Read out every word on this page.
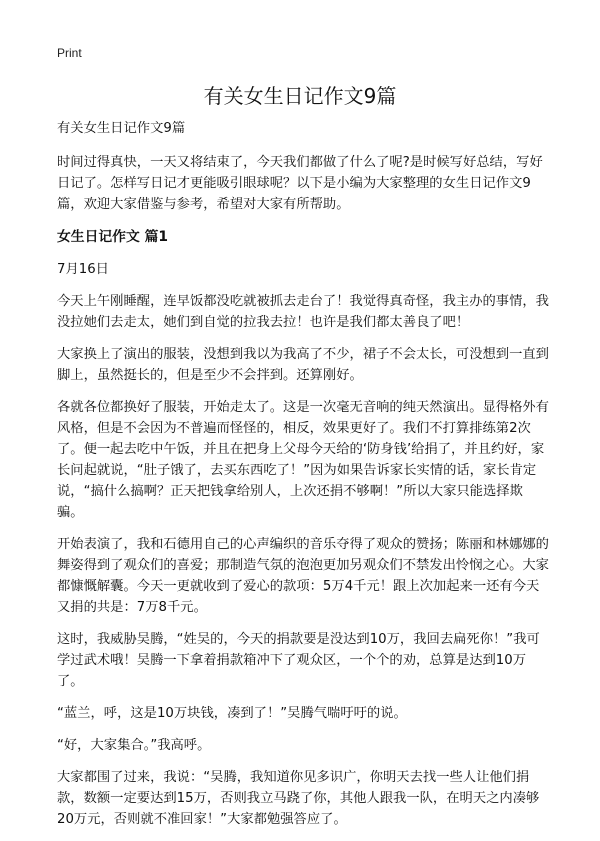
Print
有关女生日记作文9篇

有关女生日记作文9篇

时间过得真快，一天又将结束了，今天我们都做了什么了呢?是时候写好总结，写好日记了。怎样写日记才更能吸引眼球呢？以下是小编为大家整理的女生日记作文9篇，欢迎大家借鉴与参考，希望对大家有所帮助。

女生日记作文 篇1

7月16日

今天上午刚睡醒，连早饭都没吃就被抓去走台了！我觉得真奇怪，我主办的事情，我没拉她们去走太，她们到自觉的拉我去拉！也许是我们都太善良了吧！

大家换上了演出的服装，没想到我以为我高了不少，裙子不会太长，可没想到一直到脚上，虽然挺长的，但是至少不会拌到。还算刚好。

各就各位都换好了服装，开始走太了。这是一次毫无音响的纯天然演出。显得格外有风格，但是不会因为不普遍而怪怪的，相反，效果更好了。我们不打算排练第2次了。便一起去吃中午饭，并且在把身上父母今天给的‘防身钱’给捐了，并且约好，家长问起就说，“肚子饿了，去买东西吃了！”因为如果告诉家长实情的话，家长肯定说，“搞什么搞啊？正天把钱拿给别人，上次还捐不够啊！”所以大家只能选择欺骗。

开始表演了，我和石德用自己的心声编织的音乐夺得了观众的赞扬；陈丽和林娜娜的舞姿得到了观众们的喜爱；那制造气氛的泡泡更加另观众们不禁发出怜悯之心。大家都慷慨解囊。今天一更就收到了爱心的款项：5万4千元！跟上次加起来一还有今天又捐的共是：7万8千元。

这时，我威胁吴腾，“姓吴的，今天的捐款要是没达到10万，我回去扁死你！”我可学过武术哦！吴腾一下拿着捐款箱冲下了观众区，一个个的劝，总算是达到10万了。

“蓝兰，呼，这是10万块钱，凑到了！”吴腾气喘吁吁的说。

“好，大家集合。”我高呼。

大家都围了过来，我说：“吴腾，我知道你见多识广，你明天去找一些人让他们捐款，数额一定要达到15万，否则我立马跷了你，其他人跟我一队，在明天之内凑够20万元，否则就不准回家！”大家都勉强答应了。
